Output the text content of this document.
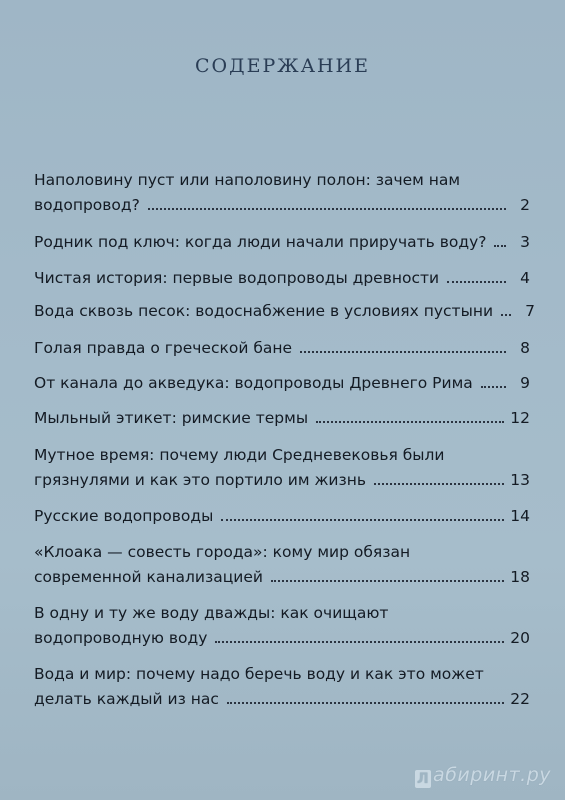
содержание
Наполовину пуст или наполовину полон: зачем нам
водопровод?	2
Родник под ключ: когда люди начали приручать воду?	3
Чистая история: первые водопроводы древности	4
Вода сквозь песок: водоснабжение в условиях пустыни	7
Голая правда о греческой бане	8
От канала до акведука: водопроводы Древнего Рима	9
Мыльный этикет: римские термы	12
Мутное время: почему люди Средневековья были
грязнулями и как это портило им жизнь	13
Русские водопроводы	14
«Клоака — совесть города»: кому мир обязан
современной канализацией	18
В одну и ту же воду дважды: как очищают
водопроводную воду	20
Вода и мир: почему надо беречь воду и как это может
делать каждый из нас	22
Л абиринт.ру
